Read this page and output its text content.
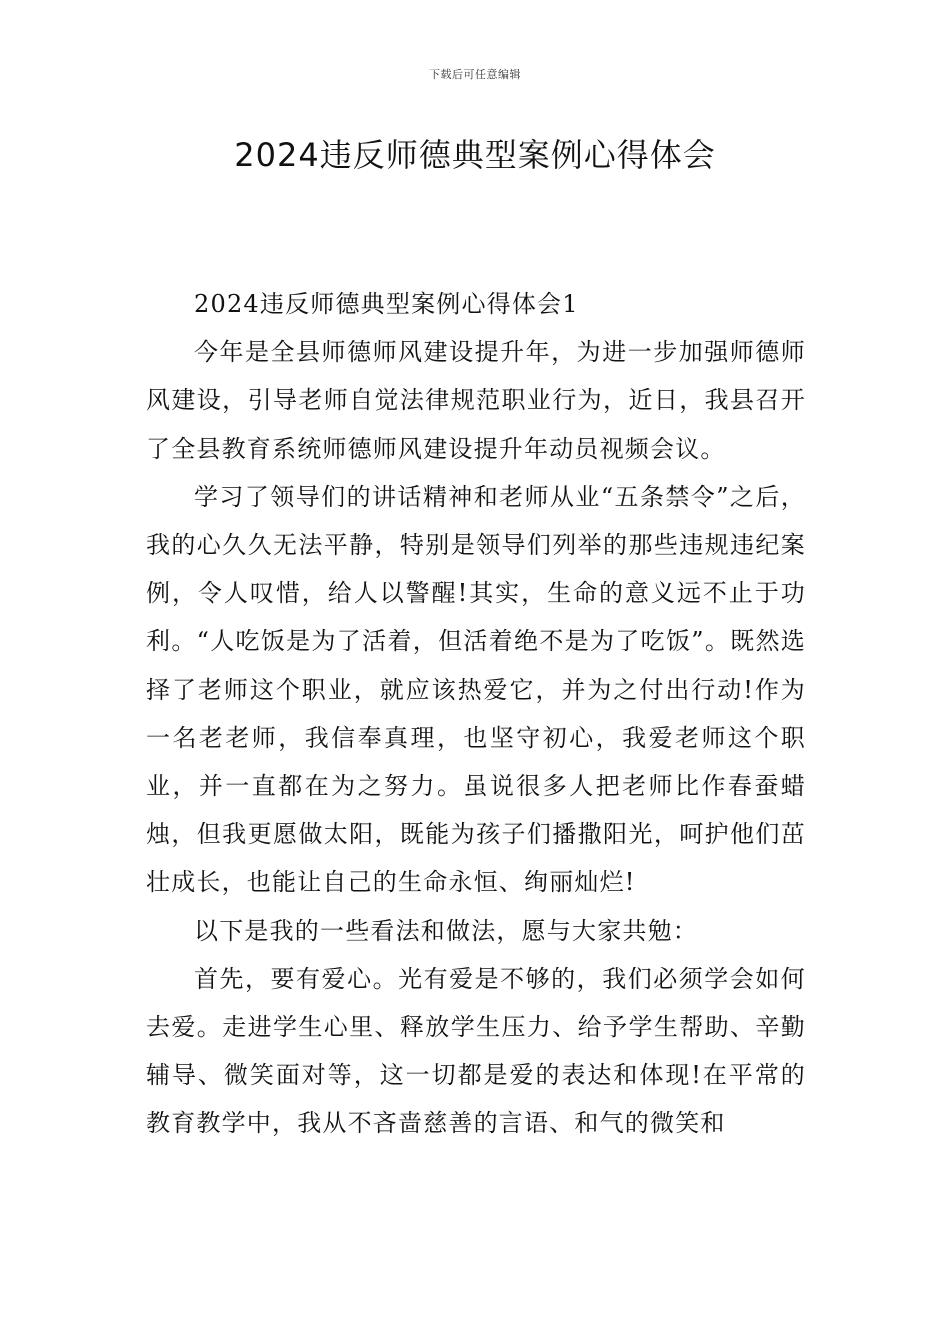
下载后可任意编辑
2024违反师德典型案例心得体会

2024违反师德典型案例心得体会1

今年是全县师德师风建设提升年，为进一步加强师德师风建设，引导老师自觉法律规范职业行为，近日，我县召开了全县教育系统师德师风建设提升年动员视频会议。

学习了领导们的讲话精神和老师从业“五条禁令”之后，我的心久久无法平静，特别是领导们列举的那些违规违纪案例，令人叹惜，给人以警醒!其实，生命的意义远不止于功利。“人吃饭是为了活着，但活着绝不是为了吃饭”。既然选择了老师这个职业，就应该热爱它，并为之付出行动!作为一名老老师，我信奉真理，也坚守初心，我爱老师这个职业，并一直都在为之努力。虽说很多人把老师比作春蚕蜡烛，但我更愿做太阳，既能为孩子们播撒阳光，呵护他们茁壮成长，也能让自己的生命永恒、绚丽灿烂!

以下是我的一些看法和做法，愿与大家共勉：

首先，要有爱心。光有爱是不够的，我们必须学会如何去爱。走进学生心里、释放学生压力、给予学生帮助、辛勤辅导、微笑面对等，这一切都是爱的表达和体现!在平常的教育教学中，我从不吝啬慈善的言语、和气的微笑和
